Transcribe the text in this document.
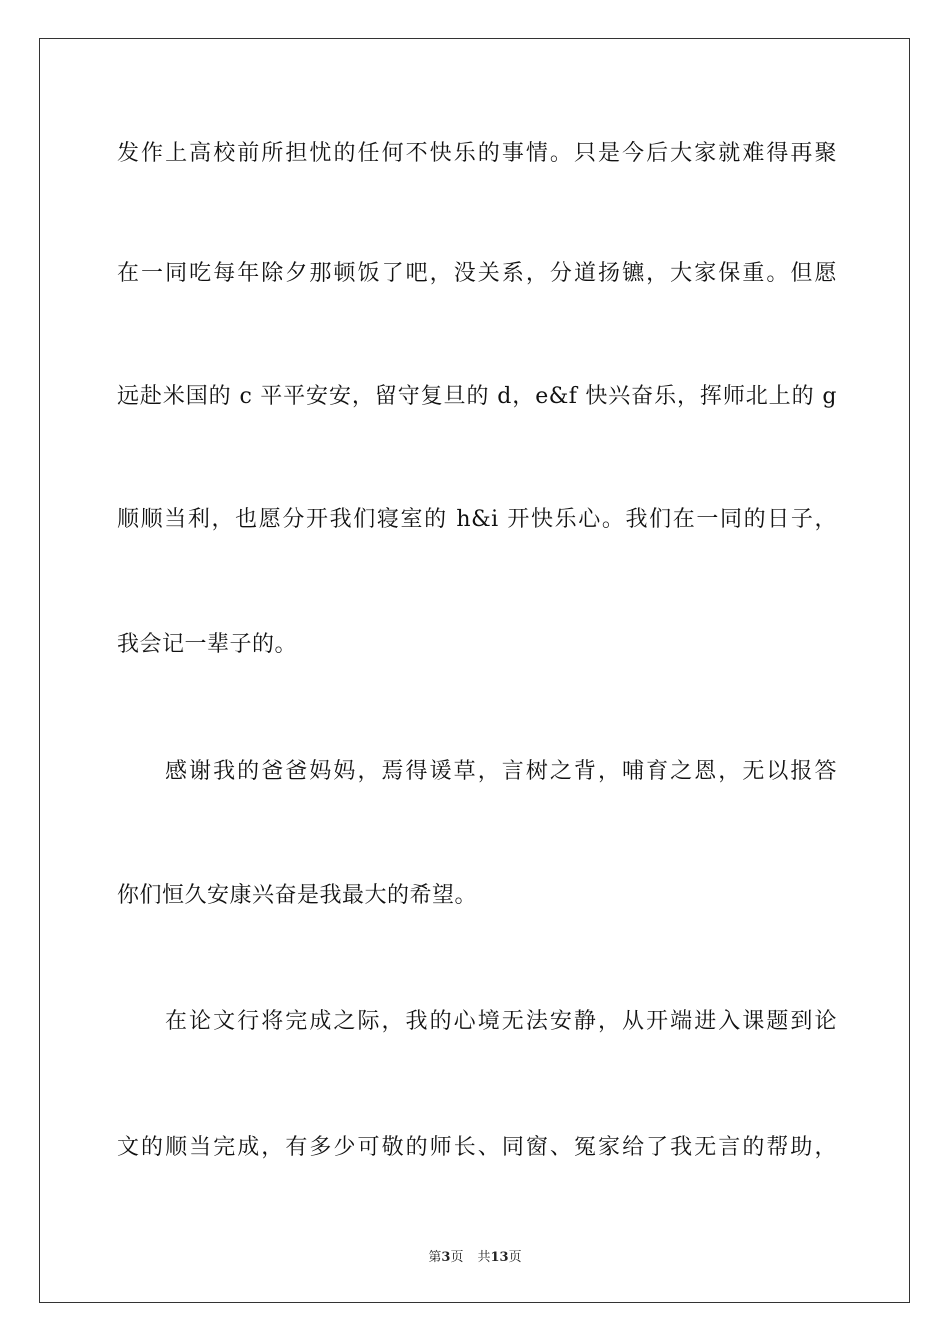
发作上高校前所担忧的任何不快乐的事情。只是今后大家就难得再聚
在一同吃每年除夕那顿饭了吧，没关系，分道扬镳，大家保重。但愿
远赴米国的 c 平平安安，留守复旦的 d，e&f 快兴奋乐，挥师北上的 g
顺顺当利，也愿分开我们寝室的 h&i 开快乐心。我们在一同的日子，
我会记一辈子的。
感谢我的爸爸妈妈，焉得谖草，言树之背，哺育之恩，无以报答
你们恒久安康兴奋是我最大的希望。
在论文行将完成之际，我的心境无法安静，从开端进入课题到论
文的顺当完成，有多少可敬的师长、同窗、冤家给了我无言的帮助，
第3页 共13页
